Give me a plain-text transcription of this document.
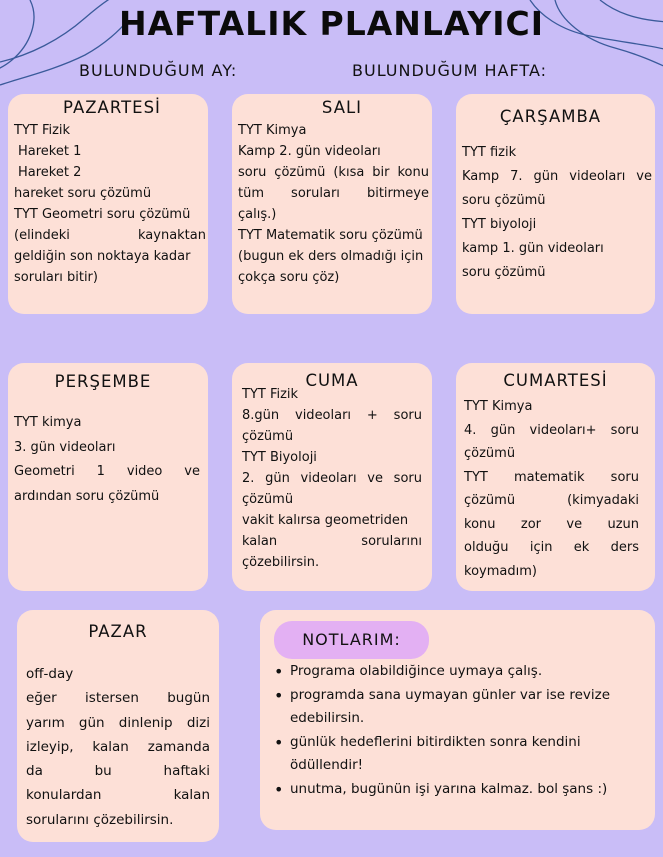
HAFTALIK PLANLAYICI
BULUNDUĞUM AY:	BULUNDUĞUM HAFTA:
PAZARTESİ
TYT Fizik
Hareket 1
Hareket 2
hareket soru çözümü
TYT Geometri soru çözümü
(elindeki kaynaktan
geldiğin son noktaya kadar
soruları bitir)
SALI
TYT Kimya
Kamp 2. gün videoları
soru çözümü (kısa bir konu
tüm soruları bitirmeye
çalış.)
TYT Matematik soru çözümü
(bugun ek ders olmadığı için
çokça soru çöz)
ÇARŞAMBA
TYT fizik
Kamp 7. gün videoları ve
soru çözümü
TYT biyoloji
kamp 1. gün videoları
soru çözümü
PERŞEMBE
TYT kimya
3. gün videoları
Geometri 1 video ve
ardından soru çözümü
CUMA
TYT Fizik
8.gün videoları + soru
çözümü
TYT Biyoloji
2. gün videoları ve soru
çözümü
vakit kalırsa geometriden
kalan sorularını
çözebilirsin.
CUMARTESİ
TYT Kimya
4. gün videoları+ soru
çözümü
TYT matematik soru
çözümü (kimyadaki
konu zor ve uzun
olduğu için ek ders
koymadım)
PAZAR
off-day
eğer istersen bugün
yarım gün dinlenip dizi
izleyip, kalan zamanda
da bu haftaki
konulardan kalan
sorularını çözebilirsin.
NOTLARIM:
• Programa olabildiğince uymaya çalış.
• programda sana uymayan günler var ise revize edebilirsin.
• günlük hedeflerini bitirdikten sonra kendini ödüllendir!
• unutma, bugünün işi yarına kalmaz. bol şans :)
